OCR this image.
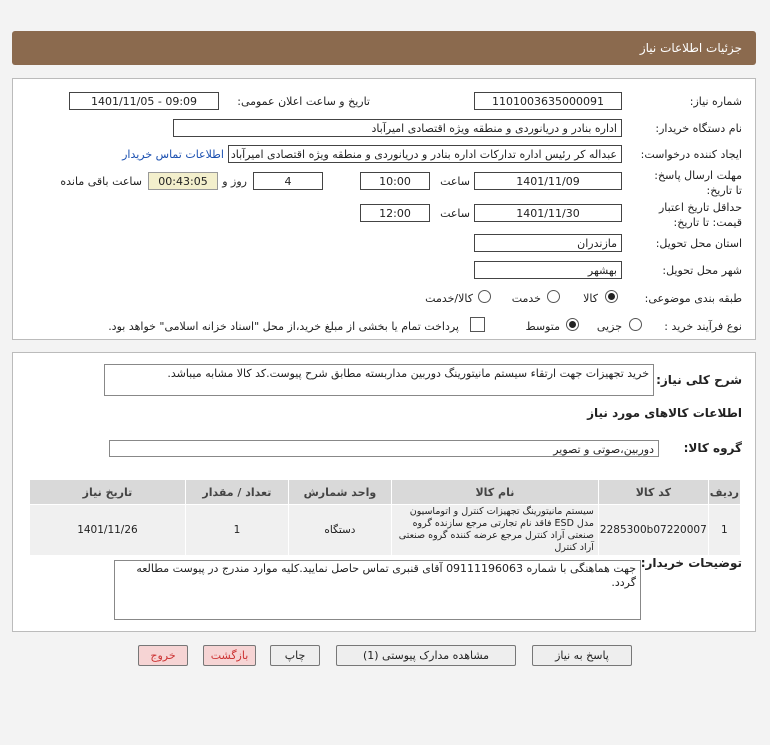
جزئیات اطلاعات نیاز
شماره نیاز:
1101003635000091
تاریخ و ساعت اعلان عمومی:
1401/11/05 - 09:09
نام دستگاه خریدار:
اداره بنادر و دریانوردی و منطقه ویژه اقتصادی امیرآباد
ایجاد کننده درخواست:
عبداله کر رئیس اداره تدارکات اداره بنادر و دریانوردی و منطقه ویژه اقتصادی امیرآباد
اطلاعات تماس خریدار
مهلت ارسال پاسخ: تا تاریخ:
1401/11/09
ساعت
10:00
4
روز و
00:43:05
ساعت باقی مانده
حداقل تاریخ اعتبار قیمت: تا تاریخ:
1401/11/30
ساعت
12:00
استان محل تحویل:
مازندران
شهر محل تحویل:
بهشهر
طبقه بندی موضوعی:
کالا
خدمت
کالا/خدمت
نوع فرآیند خرید :
جزیی
متوسط
پرداخت تمام یا بخشی از مبلغ خرید،از محل "اسناد خزانه اسلامی" خواهد بود.
شرح کلی نیاز:
خرید تجهیزات جهت ارتقاء سیستم مانیتورینگ دوربین مداربسته مطابق شرح پیوست.کد کالا مشابه میباشد.
اطلاعات کالاهای مورد نیاز
گروه کالا:
دوربین،صوتی و تصویر
ردیف	کد کالا	نام کالا	واحد شمارش	تعداد / مقدار	تاریخ نیاز
1	2285300b07220007	سیستم مانیتورینگ تجهیزات کنترل و اتوماسیون مدل ESD فاقد نام تجارتی مرجع سازنده گروه صنعتی آراد کنترل مرجع عرضه کننده گروه صنعتی آراد کنترل	دستگاه	1	1401/11/26
توضیحات خریدار:
جهت هماهنگی با شماره 09111196063 آقای قنبری تماس حاصل نمایید.کلیه موارد مندرج در پیوست مطالعه گردد.
پاسخ به نیاز
مشاهده مدارک پیوستی (1)
چاپ
بازگشت
خروج
